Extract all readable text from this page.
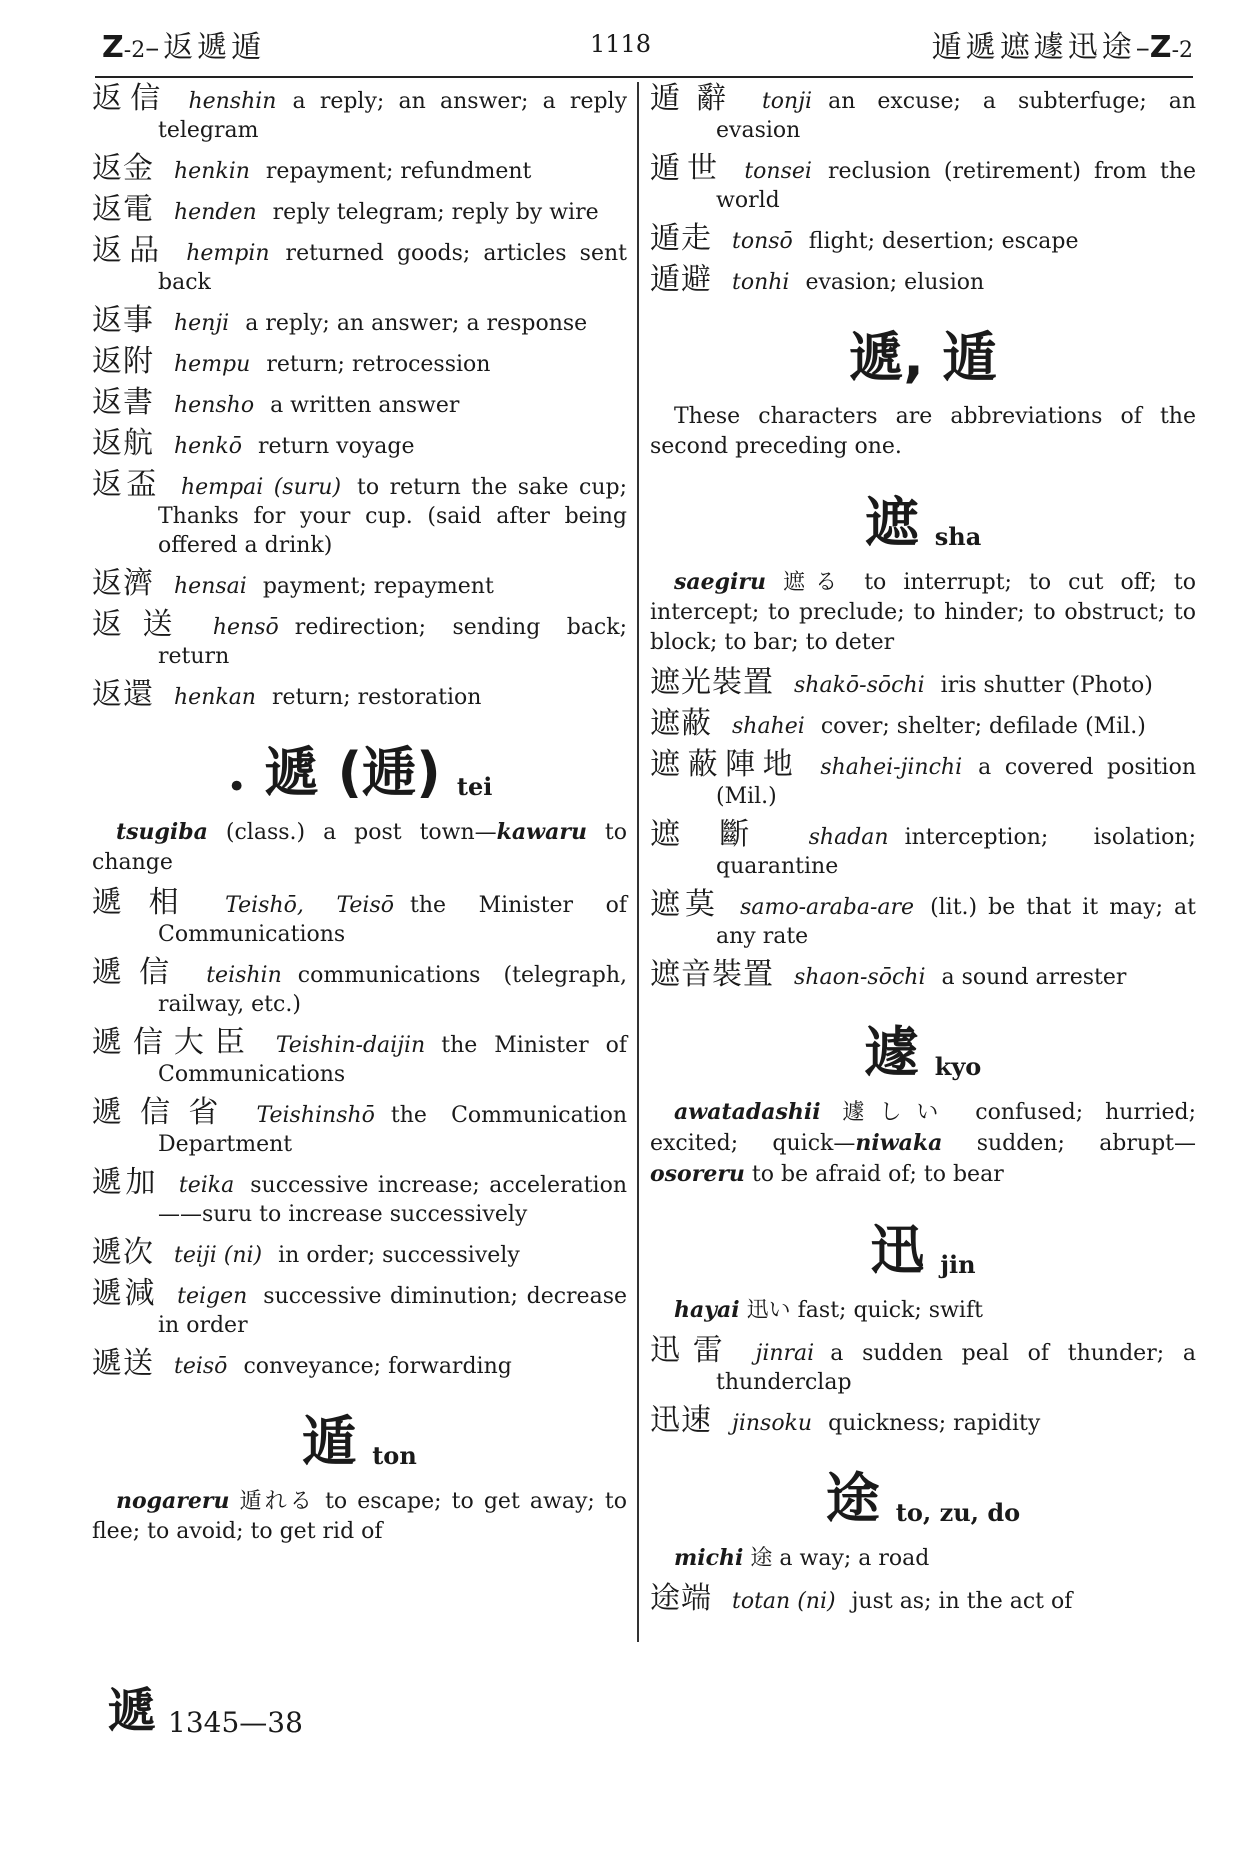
Z-2– 返遞遁	1118	遁遞遮遽迅途–Z-2
返信 henshin a reply; an answer; a reply telegram
返金 henkin repayment; refundment
返電 henden reply telegram; reply by wire
返品 hempin returned goods; articles sent back
返事 henji a reply; an answer; a response
返附 hempu return; retrocession
返書 hensho a written answer
返航 henkō return voyage
返盃 hempai (suru) to return the sake cup; Thanks for your cup. (said after being offered a drink)
返濟 hensai payment; repayment
返送 hensō redirection; sending back; return
返還 henkan return; restoration
• 遞 (逓) tei
tsugiba (class.) a post town—kawaru to change
遞相 Teishō, Teisō the Minister of Communications
遞信 teishin communications (telegraph, railway, etc.)
遞信大臣 Teishin-daijin the Minister of Communications
遞信省 Teishinshō the Communication Department
遞加 teika successive increase; acceleration——suru to increase successively
遞次 teiji (ni) in order; successively
遞減 teigen successive diminution; decrease in order
遞送 teisō conveyance; forwarding
遁ton
nogareru 遁れる to escape; to get away; to flee; to avoid; to get rid of
遁辭 tonji an excuse; a subterfuge; an evasion
遁世 tonsei reclusion (retirement) from the world
遁走 tonsō flight; desertion; escape
遁避 tonhi evasion; elusion
遞, 遁
These characters are abbreviations of the second preceding one.
遮sha
saegiru 遮る to interrupt; to cut off; to intercept; to preclude; to hinder; to obstruct; to block; to bar; to deter
遮光裝置 shakō-sōchi iris shutter (Photo)
遮蔽 shahei cover; shelter; defilade (Mil.)
遮蔽陣地 shahei-jinchi a covered position (Mil.)
遮斷 shadan interception; isolation; quarantine
遮莫 samo-araba-are (lit.) be that it may; at any rate
遮音裝置 shaon-sōchi a sound arrester
遽kyo
awatadashii 遽しい confused; hurried; excited; quick—niwaka sudden; abrupt—osoreru to be afraid of; to bear
迅jin
hayai 迅い fast; quick; swift
迅雷 jinrai a sudden peal of thunder; a thunderclap
迅速 jinsoku quickness; rapidity
途to, zu, do
michi 途 a way; a road
途端 totan (ni) just as; in the act of
遞 1345—38
